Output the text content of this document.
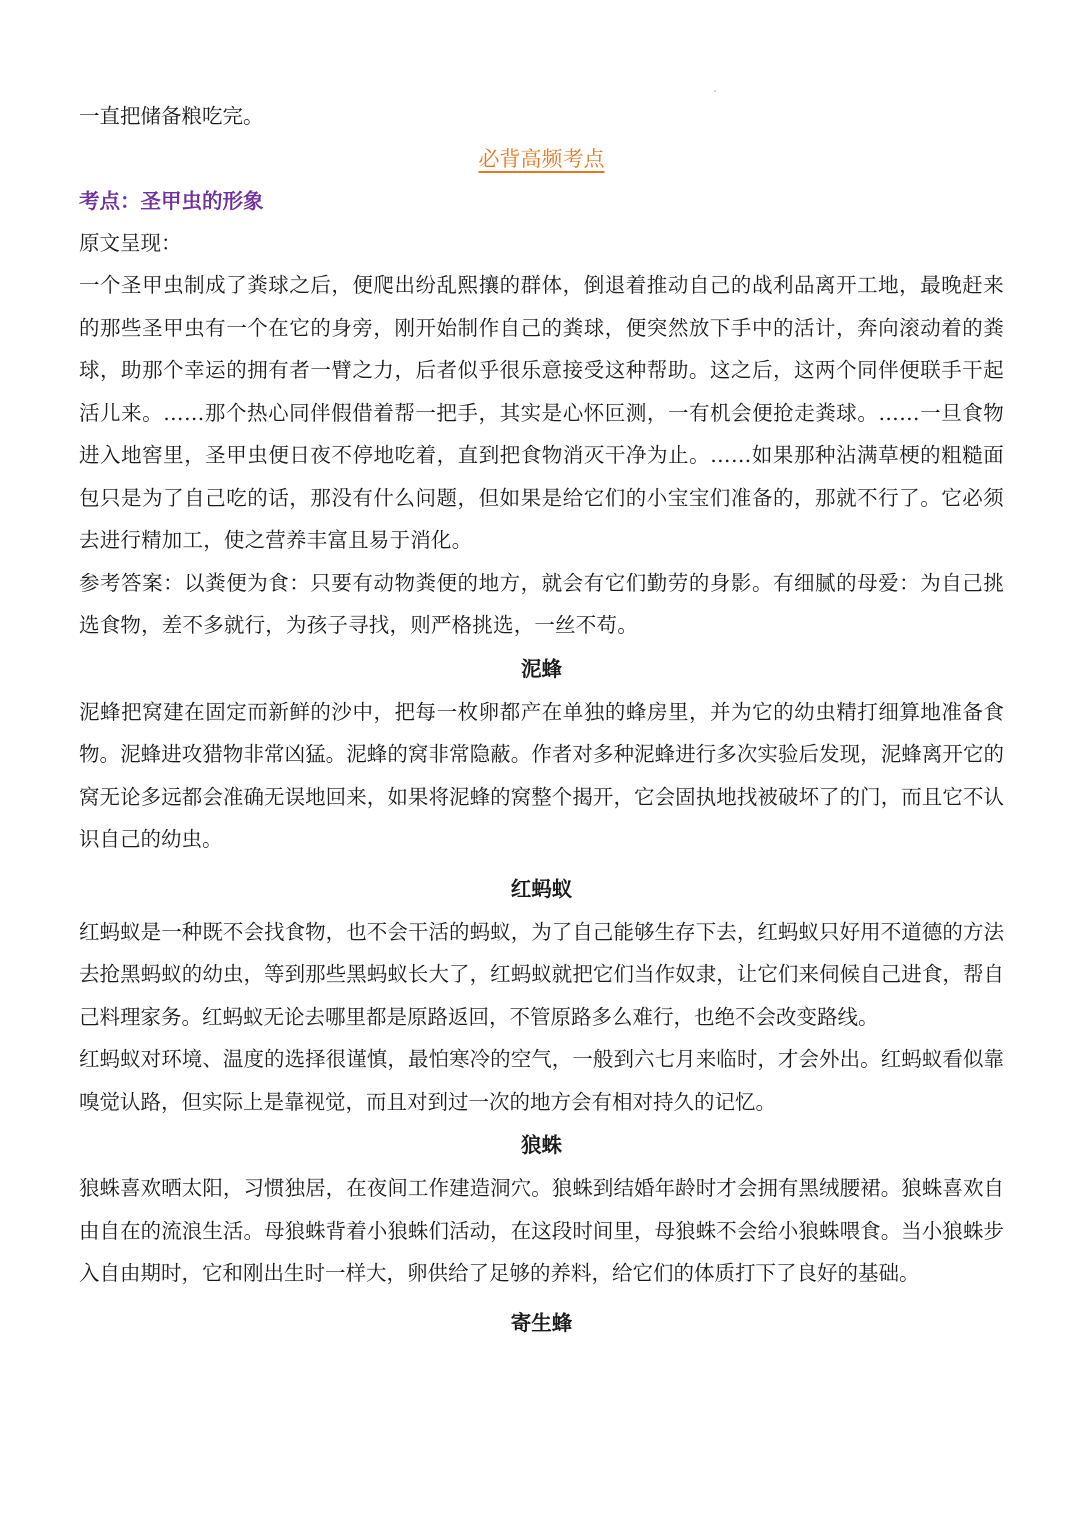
一直把储备粮吃完。

必背高频考点

考点：圣甲虫的形象

原文呈现：

一个圣甲虫制成了粪球之后，便爬出纷乱熙攘的群体，倒退着推动自己的战利品离开工地，最晚赶来的那些圣甲虫有一个在它的身旁，刚开始制作自己的粪球，便突然放下手中的活计，奔向滚动着的粪球，助那个幸运的拥有者一臂之力，后者似乎很乐意接受这种帮助。这之后，这两个同伴便联手干起活儿来。……那个热心同伴假借着帮一把手，其实是心怀叵测，一有机会便抢走粪球。……一旦食物进入地窖里，圣甲虫便日夜不停地吃着，直到把食物消灭干净为止。……如果那种沾满草梗的粗糙面包只是为了自己吃的话，那没有什么问题，但如果是给它们的小宝宝们准备的，那就不行了。它必须去进行精加工，使之营养丰富且易于消化。

参考答案：以粪便为食：只要有动物粪便的地方，就会有它们勤劳的身影。有细腻的母爱：为自己挑选食物，差不多就行，为孩子寻找，则严格挑选，一丝不苟。

泥蜂

泥蜂把窝建在固定而新鲜的沙中，把每一枚卵都产在单独的蜂房里，并为它的幼虫精打细算地准备食物。泥蜂进攻猎物非常凶猛。泥蜂的窝非常隐蔽。作者对多种泥蜂进行多次实验后发现，泥蜂离开它的窝无论多远都会准确无误地回来，如果将泥蜂的窝整个揭开，它会固执地找被破坏了的门，而且它不认识自己的幼虫。

红蚂蚁

红蚂蚁是一种既不会找食物，也不会干活的蚂蚁，为了自己能够生存下去，红蚂蚁只好用不道德的方法去抢黑蚂蚁的幼虫，等到那些黑蚂蚁长大了，红蚂蚁就把它们当作奴隶，让它们来伺候自己进食，帮自己料理家务。红蚂蚁无论去哪里都是原路返回，不管原路多么难行，也绝不会改变路线。

红蚂蚁对环境、温度的选择很谨慎，最怕寒冷的空气，一般到六七月来临时，才会外出。红蚂蚁看似靠嗅觉认路，但实际上是靠视觉，而且对到过一次的地方会有相对持久的记忆。

狼蛛

狼蛛喜欢晒太阳，习惯独居，在夜间工作建造洞穴。狼蛛到结婚年龄时才会拥有黑绒腰裙。狼蛛喜欢自由自在的流浪生活。母狼蛛背着小狼蛛们活动，在这段时间里，母狼蛛不会给小狼蛛喂食。当小狼蛛步入自由期时，它和刚出生时一样大，卵供给了足够的养料，给它们的体质打下了良好的基础。

寄生蜂
